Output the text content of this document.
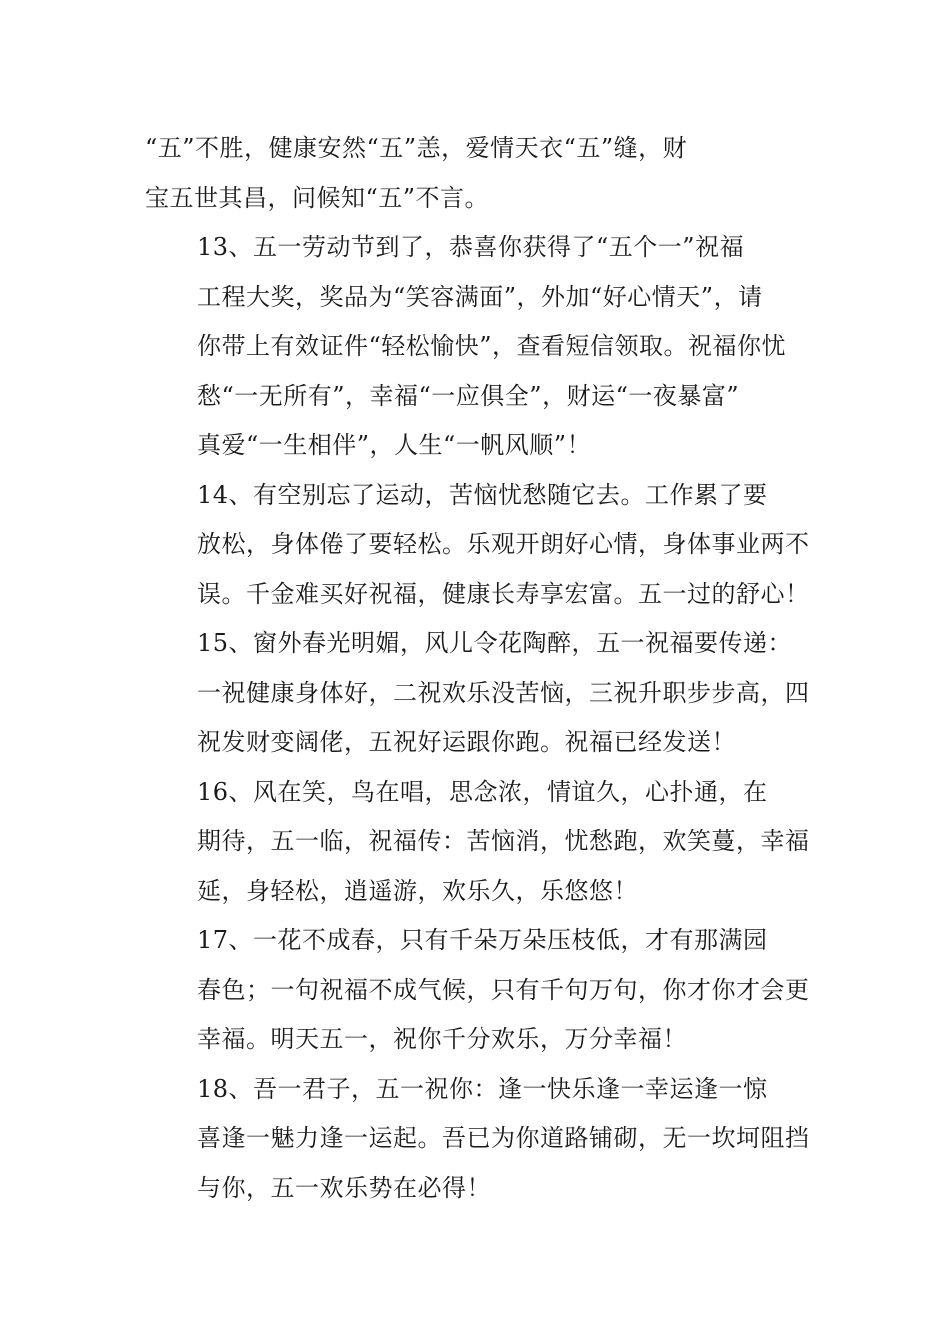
“五”不胜，健康安然“五”恙，爱情天衣“五”缝，财
宝五世其昌，问候知“五”不言。

13、五一劳动节到了，恭喜你获得了“五个一”祝福
工程大奖，奖品为“笑容满面”，外加“好心情天”，请
你带上有效证件“轻松愉快”，查看短信领取。祝福你忧
愁“一无所有”，幸福“一应俱全”，财运“一夜暴富”
真爱“一生相伴”，人生“一帆风顺”！

14、有空别忘了运动，苦恼忧愁随它去。工作累了要
放松，身体倦了要轻松。乐观开朗好心情，身体事业两不
误。千金难买好祝福，健康长寿享宏富。五一过的舒心！

15、窗外春光明媚，风儿令花陶醉，五一祝福要传递：
一祝健康身体好，二祝欢乐没苦恼，三祝升职步步高，四
祝发财变阔佬，五祝好运跟你跑。祝福已经发送！

16、风在笑，鸟在唱，思念浓，情谊久，心扑通，在
期待，五一临，祝福传：苦恼消，忧愁跑，欢笑蔓，幸福
延，身轻松，逍遥游，欢乐久，乐悠悠！

17、一花不成春，只有千朵万朵压枝低，才有那满园
春色；一句祝福不成气候，只有千句万句，你才你才会更
幸福。明天五一，祝你千分欢乐，万分幸福！

18、吾一君子，五一祝你：逢一快乐逢一幸运逢一惊
喜逢一魅力逢一运起。吾已为你道路铺砌，无一坎坷阻挡
与你，五一欢乐势在必得！
